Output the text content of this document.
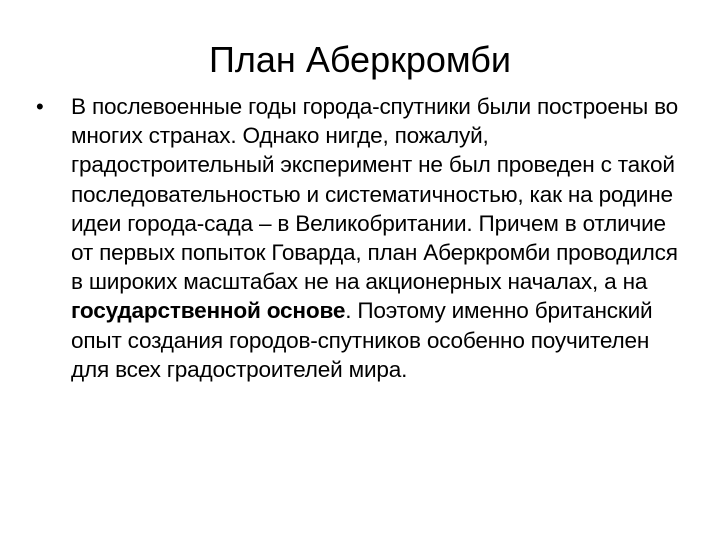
План Аберкромби
• В послевоенные годы города-спутники были построены во многих странах. Однако нигде, пожалуй, градостроительный эксперимент не был проведен с такой последовательностью и систематичностью, как на родине идеи города-сада – в Великобритании. Причем в отличие от первых попыток Говарда, план Аберкромби проводился в широких масштабах не на акционерных началах, а на государственной основе. Поэтому именно британский опыт создания городов-спутников особенно поучителен для всех градостроителей мира.
